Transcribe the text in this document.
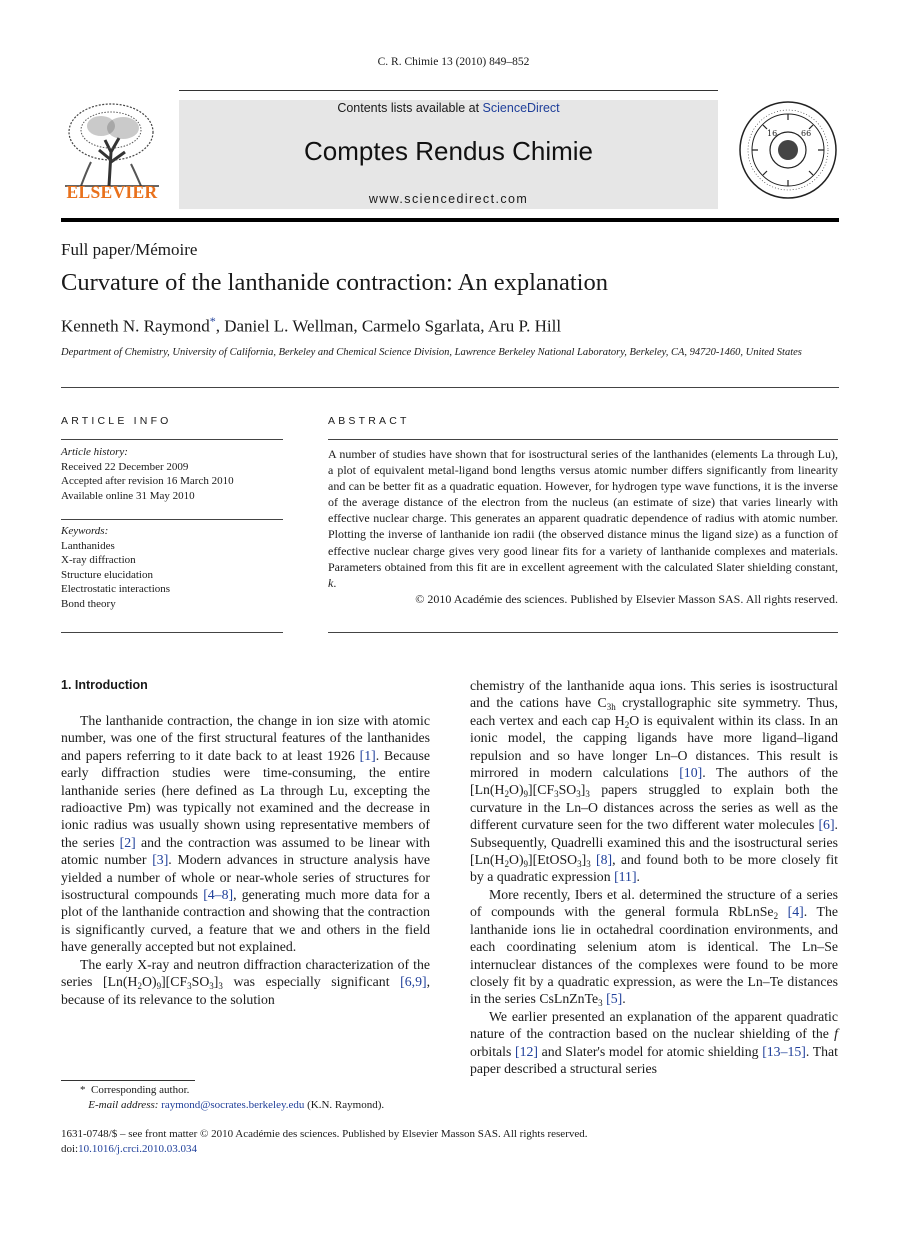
C. R. Chimie 13 (2010) 849–852
ELSEVIER
Contents lists available at ScienceDirect
Comptes Rendus Chimie
www.sciencedirect.com
16	66
Full paper/Mémoire
Curvature of the lanthanide contraction: An explanation
Kenneth N. Raymond*, Daniel L. Wellman, Carmelo Sgarlata, Aru P. Hill
Department of Chemistry, University of California, Berkeley and Chemical Science Division, Lawrence Berkeley National Laboratory, Berkeley, CA, 94720-1460, United States
ARTICLE INFO
Article history:
Received 22 December 2009
Accepted after revision 16 March 2010
Available online 31 May 2010
Keywords:
Lanthanides
X-ray diffraction
Structure elucidation
Electrostatic interactions
Bond theory
ABSTRACT
A number of studies have shown that for isostructural series of the lanthanides (elements La through Lu), a plot of equivalent metal-ligand bond lengths versus atomic number differs significantly from linearity and can be better fit as a quadratic equation. However, for hydrogen type wave functions, it is the inverse of the average distance of the electron from the nucleus (an estimate of size) that varies linearly with effective nuclear charge. This generates an apparent quadratic dependence of radius with atomic number. Plotting the inverse of lanthanide ion radii (the observed distance minus the ligand size) as a function of effective nuclear charge gives very good linear fits for a variety of lanthanide complexes and materials. Parameters obtained from this fit are in excellent agreement with the calculated Slater shielding constant, k.
© 2010 Académie des sciences. Published by Elsevier Masson SAS. All rights reserved.
1. Introduction

The lanthanide contraction, the change in ion size with atomic number, was one of the first structural features of the lanthanides and papers referring to it date back to at least 1926 [1]. Because early diffraction studies were time-consuming, the entire lanthanide series (here defined as La through Lu, excepting the radioactive Pm) was typically not examined and the decrease in ionic radius was usually shown using representative members of the series [2] and the contraction was assumed to be linear with atomic number [3]. Modern advances in structure analysis have yielded a number of whole or near-whole series of structures for isostructural compounds [4–8], generating much more data for a plot of the lanthanide contraction and showing that the contraction is significantly curved, a feature that we and others in the field have generally accepted but not explained.

The early X-ray and neutron diffraction characterization of the series $[Ln(H_2O)_9][CF_3SO_3]_3$ was especially significant [6,9], because of its relevance to the solution

chemistry of the lanthanide aqua ions. This series is isostructural and the cations have $C_{3h}$ crystallographic site symmetry. Thus, each vertex and each cap $H_2O$ is equivalent within its class. In an ionic model, the capping ligands have more ligand–ligand repulsion and so have longer Ln–O distances. This result is mirrored in modern calculations [10]. The authors of the $[Ln(H_2O)_9][CF_3SO_3]_3$ papers struggled to explain both the curvature in the Ln–O distances across the series as well as the different curvature seen for the two different water molecules [6]. Subsequently, Quadrelli examined this and the isostructural series $[Ln(H_2O)_9][EtOSO_3]_3$ [8], and found both to be more closely fit by a quadratic expression [11].

More recently, Ibers et al. determined the structure of a series of compounds with the general formula RbLnSe$_2$ [4]. The lanthanide ions lie in octahedral coordination environments, and each coordinating selenium atom is identical. The Ln–Se internuclear distances of the complexes were found to be more closely fit by a quadratic expression, as were the Ln–Te distances in the series CsLnZnTe$_3$ [5].

We earlier presented an explanation of the apparent quadratic nature of the contraction based on the nuclear shielding of the f orbitals [12] and Slater's model for atomic shielding [13–15]. That paper described a structural series

* Corresponding author.
E-mail address: raymond@socrates.berkeley.edu (K.N. Raymond).
1631-0748/$ – see front matter © 2010 Académie des sciences. Published by Elsevier Masson SAS. All rights reserved.
doi:10.1016/j.crci.2010.03.034
